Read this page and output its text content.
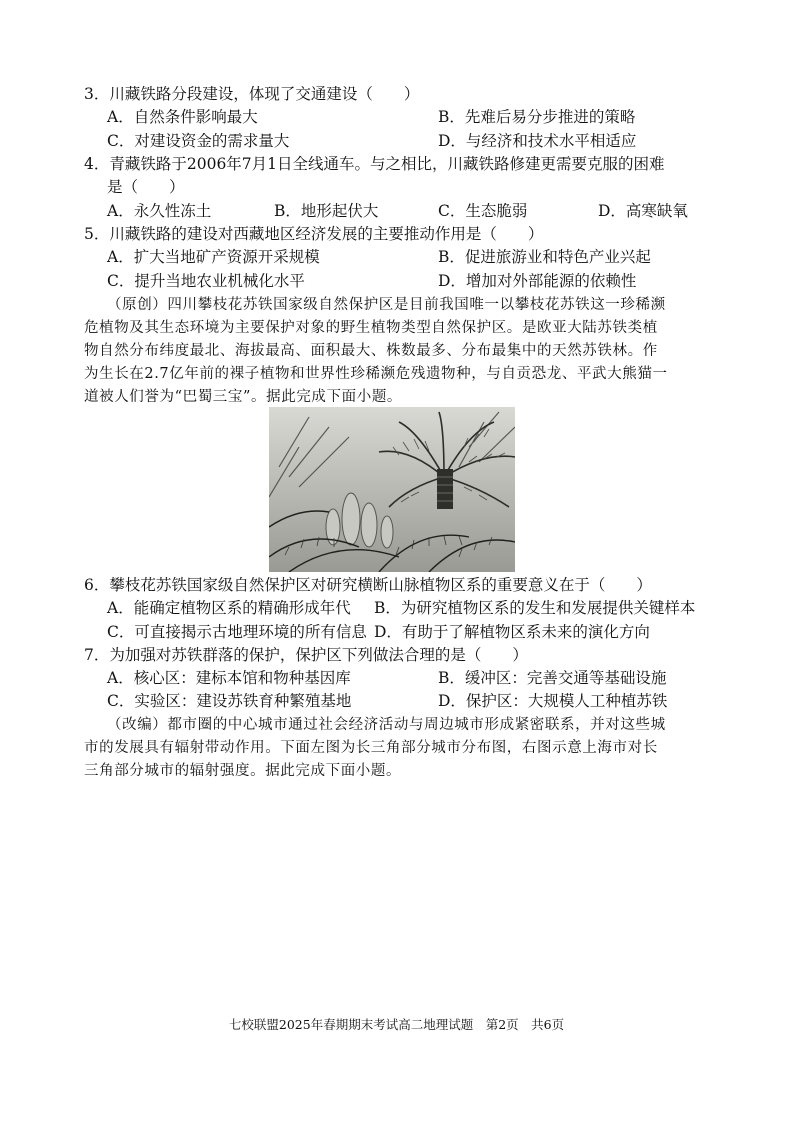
3．川藏铁路分段建设，体现了交通建设（　　）
A．自然条件影响最大	B．先难后易分步推进的策略
C．对建设资金的需求量大	D．与经济和技术水平相适应
4．青藏铁路于2006年7月1日全线通车。与之相比，川藏铁路修建更需要克服的困难
是（　　）
A．永久性冻土	B．地形起伏大	C．生态脆弱	D．高寒缺氧
5．川藏铁路的建设对西藏地区经济发展的主要推动作用是（　　）
A．扩大当地矿产资源开采规模	B．促进旅游业和特色产业兴起
C．提升当地农业机械化水平	D．增加对外部能源的依赖性
（原创）四川攀枝花苏铁国家级自然保护区是目前我国唯一以攀枝花苏铁这一珍稀濒
危植物及其生态环境为主要保护对象的野生植物类型自然保护区。是欧亚大陆苏铁类植
物自然分布纬度最北、海拔最高、面积最大、株数最多、分布最集中的天然苏铁林。作
为生长在2.7亿年前的裸子植物和世界性珍稀濒危残遗物种，与自贡恐龙、平武大熊猫一
道被人们誉为“巴蜀三宝”。据此完成下面小题。
6．攀枝花苏铁国家级自然保护区对研究横断山脉植物区系的重要意义在于（　　）
A．能确定植物区系的精确形成年代 B．为研究植物区系的发生和发展提供关键样本
C．可直接揭示古地理环境的所有信息 D．有助于了解植物区系未来的演化方向
7．为加强对苏铁群落的保护，保护区下列做法合理的是（　　）
A．核心区：建标本馆和物种基因库	B．缓冲区：完善交通等基础设施
C．实验区：建设苏铁育种繁殖基地	D．保护区：大规模人工种植苏铁
（改编）都市圈的中心城市通过社会经济活动与周边城市形成紧密联系，并对这些城
市的发展具有辐射带动作用。下面左图为长三角部分城市分布图，右图示意上海市对长
三角部分城市的辐射强度。据此完成下面小题。
七校联盟2025年春期期末考试高二地理试题　第2页　共6页
